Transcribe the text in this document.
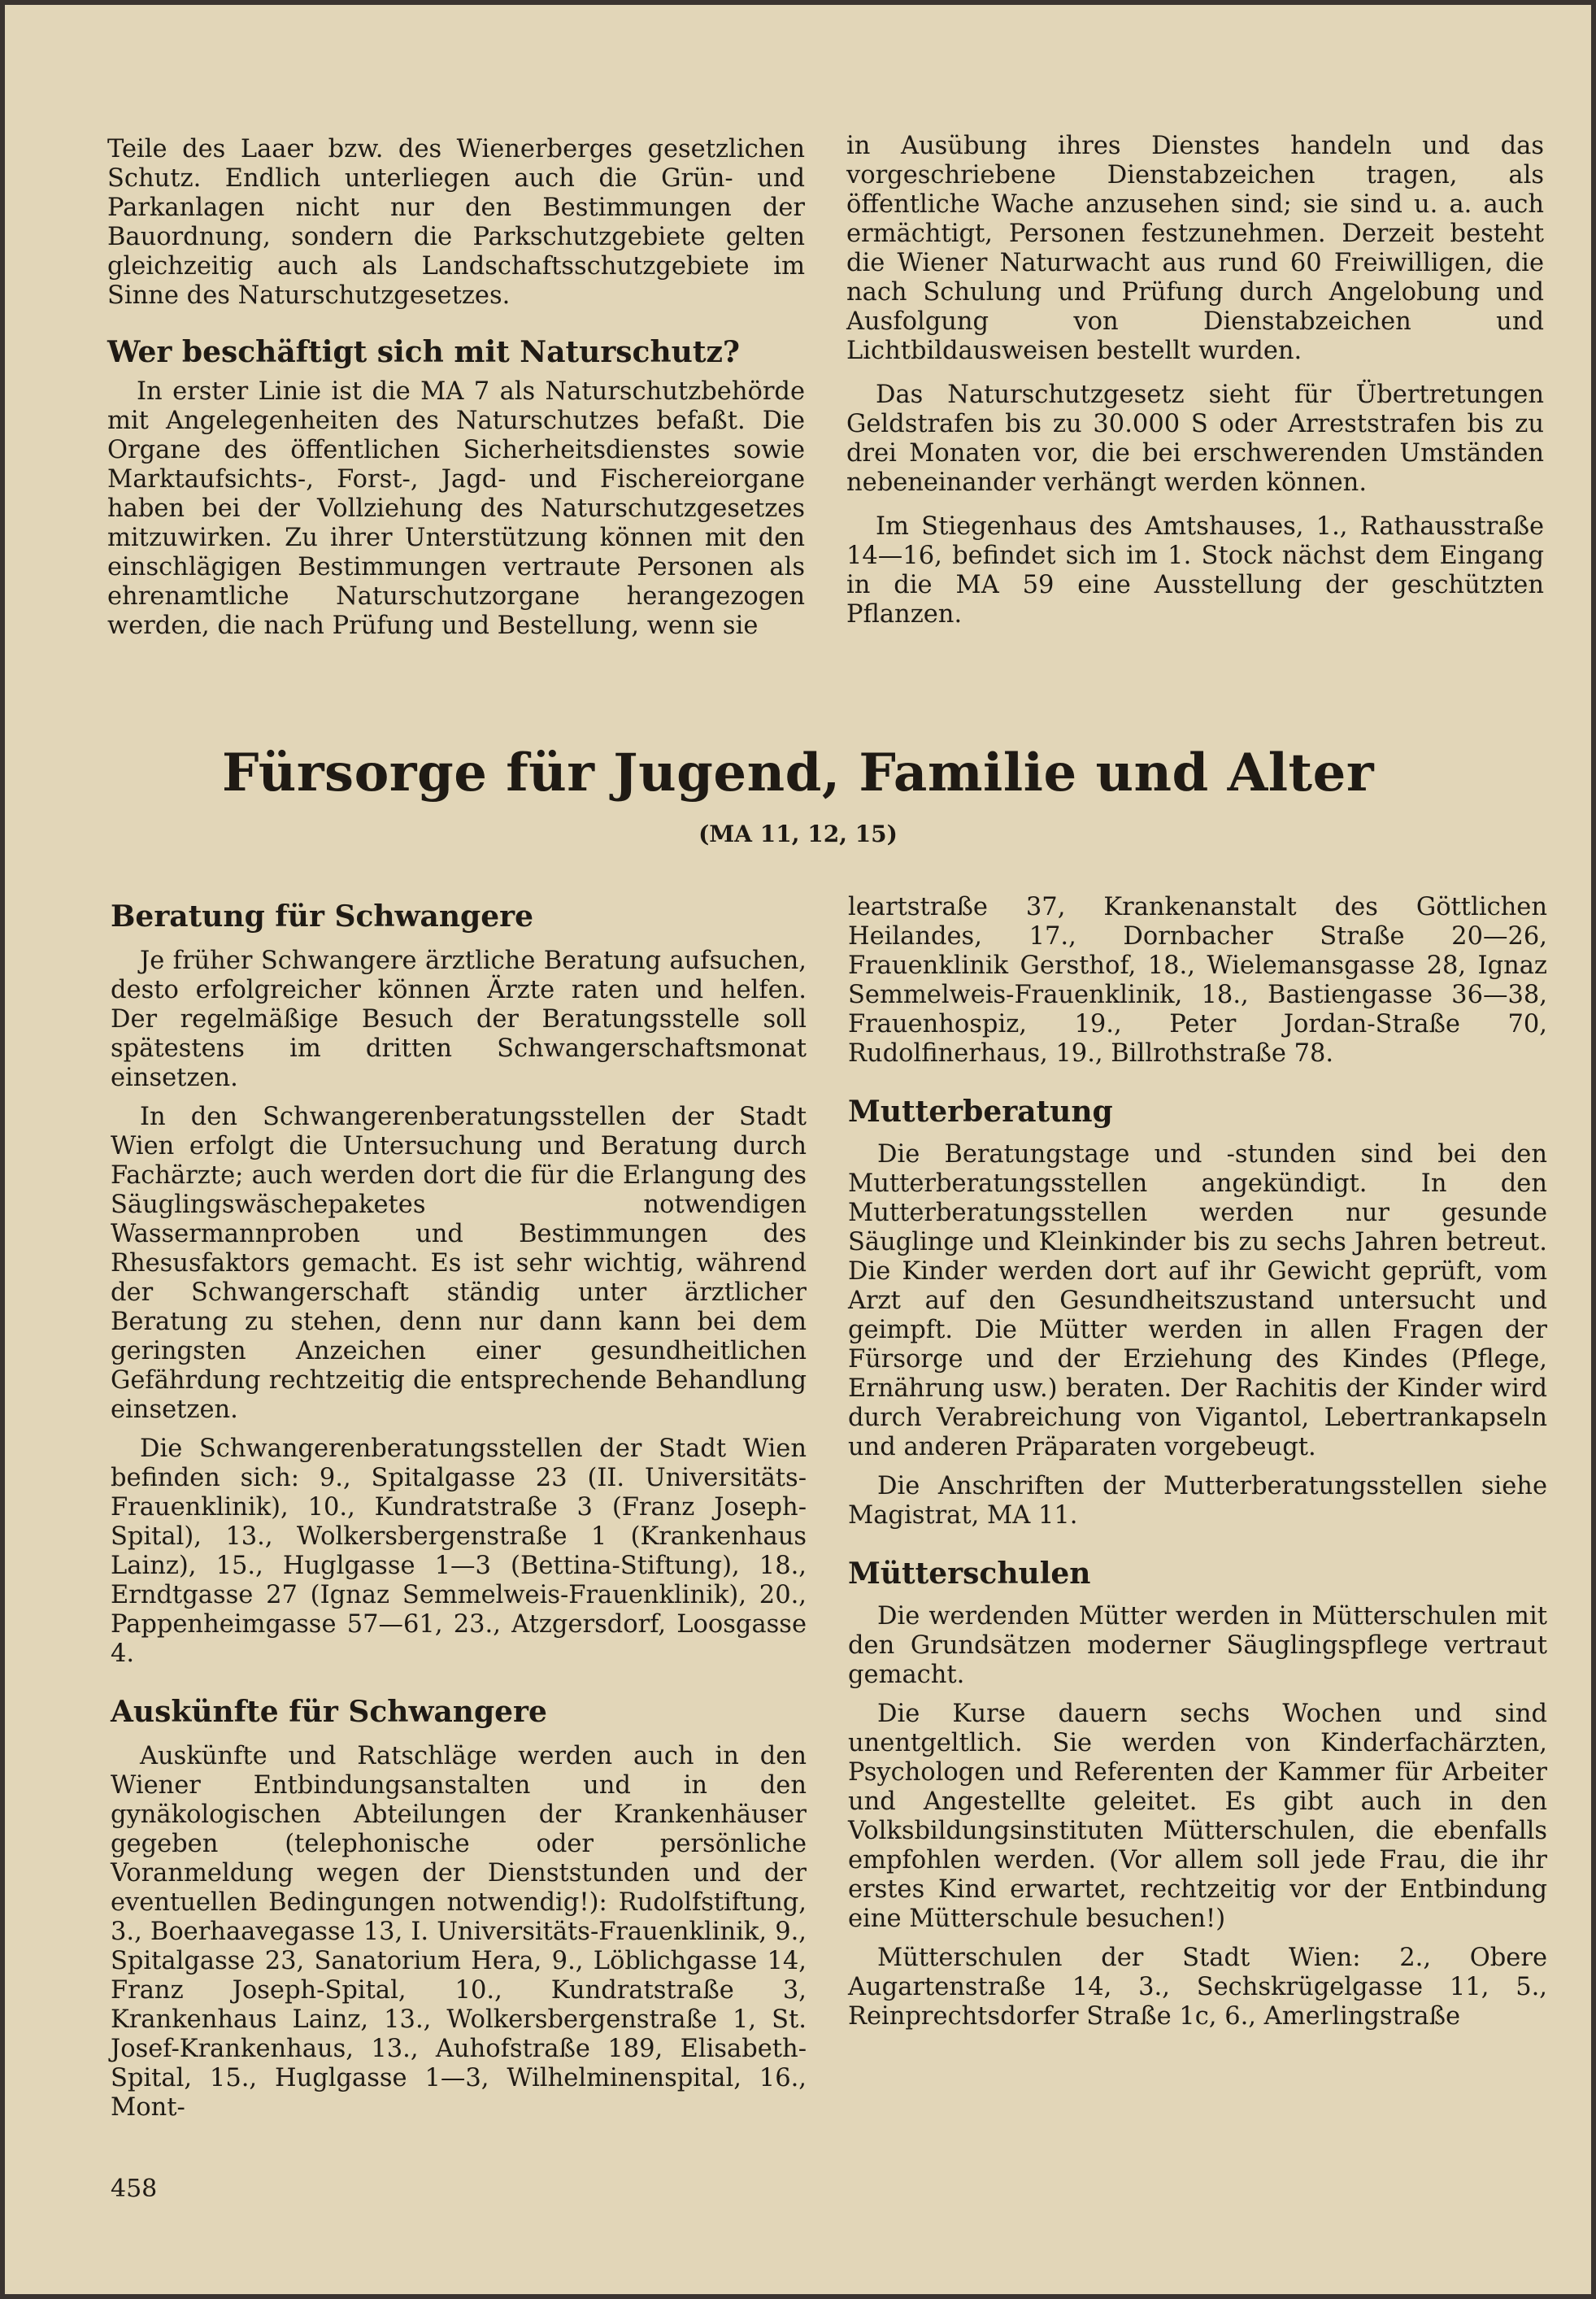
Teile des Laaer bzw. des Wienerberges gesetzlichen Schutz. Endlich unterliegen auch die Grün- und Parkanlagen nicht nur den Bestimmungen der Bauordnung, sondern die Parkschutzgebiete gelten gleichzeitig auch als Landschaftsschutzgebiete im Sinne des Naturschutzgesetzes.

Wer beschäftigt sich mit Naturschutz?

In erster Linie ist die MA 7 als Naturschutzbehörde mit Angelegenheiten des Naturschutzes befaßt. Die Organe des öffentlichen Sicherheitsdienstes sowie Marktaufsichts-, Forst-, Jagd- und Fischereiorgane haben bei der Vollziehung des Naturschutzgesetzes mitzuwirken. Zu ihrer Unterstützung können mit den einschlägigen Bestimmungen vertraute Personen als ehrenamtliche Naturschutzorgane herangezogen werden, die nach Prüfung und Bestellung, wenn sie

in Ausübung ihres Dienstes handeln und das vorgeschriebene Dienstabzeichen tragen, als öffentliche Wache anzusehen sind; sie sind u. a. auch ermächtigt, Personen festzunehmen. Derzeit besteht die Wiener Naturwacht aus rund 60 Freiwilligen, die nach Schulung und Prüfung durch Angelobung und Ausfolgung von Dienstabzeichen und Lichtbildausweisen bestellt wurden.

Das Naturschutzgesetz sieht für Übertretungen Geldstrafen bis zu 30.000 S oder Arreststrafen bis zu drei Monaten vor, die bei erschwerenden Umständen nebeneinander verhängt werden können.

Im Stiegenhaus des Amtshauses, 1., Rathausstraße 14—16, befindet sich im 1. Stock nächst dem Eingang in die MA 59 eine Ausstellung der geschützten Pflanzen.

Fürsorge für Jugend, Familie und Alter
(MA 11, 12, 15)
Beratung für Schwangere

Je früher Schwangere ärztliche Beratung aufsuchen, desto erfolgreicher können Ärzte raten und helfen. Der regelmäßige Besuch der Beratungsstelle soll spätestens im dritten Schwangerschaftsmonat einsetzen.

In den Schwangerenberatungsstellen der Stadt Wien erfolgt die Untersuchung und Beratung durch Fachärzte; auch werden dort die für die Erlangung des Säuglingswäschepaketes notwendigen Wassermannproben und Bestimmungen des Rhesusfaktors gemacht. Es ist sehr wichtig, während der Schwangerschaft ständig unter ärztlicher Beratung zu stehen, denn nur dann kann bei dem geringsten Anzeichen einer gesundheitlichen Gefährdung rechtzeitig die entsprechende Behandlung einsetzen.

Die Schwangerenberatungsstellen der Stadt Wien befinden sich: 9., Spitalgasse 23 (II. Universitäts-Frauenklinik), 10., Kundratstraße 3 (Franz Joseph-Spital), 13., Wolkersbergenstraße 1 (Krankenhaus Lainz), 15., Huglgasse 1—3 (Bettina-Stiftung), 18., Erndtgasse 27 (Ignaz Semmelweis-Frauenklinik), 20., Pappenheimgasse 57—61, 23., Atzgersdorf, Loosgasse 4.

Auskünfte für Schwangere

Auskünfte und Ratschläge werden auch in den Wiener Entbindungsanstalten und in den gynäkologischen Abteilungen der Krankenhäuser gegeben (telephonische oder persönliche Voranmeldung wegen der Dienststunden und der eventuellen Bedingungen notwendig!): Rudolfstiftung, 3., Boerhaavegasse 13, I. Universitäts-Frauenklinik, 9., Spitalgasse 23, Sanatorium Hera, 9., Löblichgasse 14, Franz Joseph-Spital, 10., Kundratstraße 3, Krankenhaus Lainz, 13., Wolkersbergenstraße 1, St. Josef-Krankenhaus, 13., Auhofstraße 189, Elisabeth-Spital, 15., Huglgasse 1—3, Wilhelminenspital, 16., Mont-

leartstraße 37, Krankenanstalt des Göttlichen Heilandes, 17., Dornbacher Straße 20—26, Frauenklinik Gersthof, 18., Wielemansgasse 28, Ignaz Semmelweis-Frauenklinik, 18., Bastiengasse 36—38, Frauenhospiz, 19., Peter Jordan-Straße 70, Rudolfinerhaus, 19., Billrothstraße 78.

Mutterberatung

Die Beratungstage und -stunden sind bei den Mutterberatungsstellen angekündigt. In den Mutterberatungsstellen werden nur gesunde Säuglinge und Kleinkinder bis zu sechs Jahren betreut. Die Kinder werden dort auf ihr Gewicht geprüft, vom Arzt auf den Gesundheitszustand untersucht und geimpft. Die Mütter werden in allen Fragen der Fürsorge und der Erziehung des Kindes (Pflege, Ernährung usw.) beraten. Der Rachitis der Kinder wird durch Verabreichung von Vigantol, Lebertrankapseln und anderen Präparaten vorgebeugt.

Die Anschriften der Mutterberatungsstellen siehe Magistrat, MA 11.

Mütterschulen

Die werdenden Mütter werden in Mütterschulen mit den Grundsätzen moderner Säuglingspflege vertraut gemacht.

Die Kurse dauern sechs Wochen und sind unentgeltlich. Sie werden von Kinderfachärzten, Psychologen und Referenten der Kammer für Arbeiter und Angestellte geleitet. Es gibt auch in den Volksbildungsinstituten Mütterschulen, die ebenfalls empfohlen werden. (Vor allem soll jede Frau, die ihr erstes Kind erwartet, rechtzeitig vor der Entbindung eine Mütterschule besuchen!)

Mütterschulen der Stadt Wien: 2., Obere Augartenstraße 14, 3., Sechskrügelgasse 11, 5., Reinprechtsdorfer Straße 1c, 6., Amerlingstraße

458
